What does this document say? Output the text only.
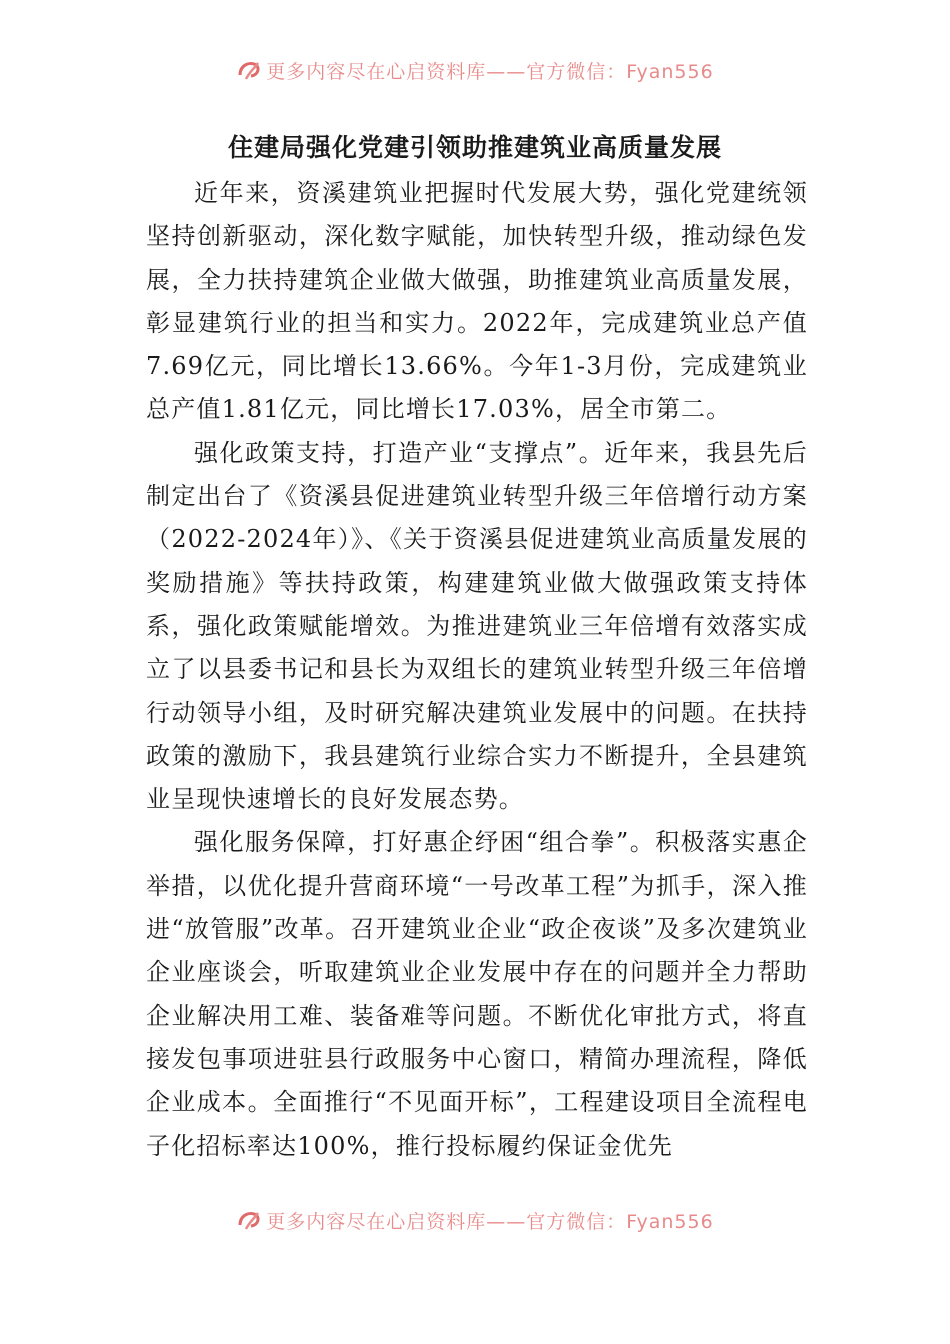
更多内容尽在心启资料库——官方微信：Fyan556
住建局强化党建引领助推建筑业高质量发展

近年来，资溪建筑业把握时代发展大势，强化党建统领坚持创新驱动，深化数字赋能，加快转型升级，推动绿色发展，全力扶持建筑企业做大做强，助推建筑业高质量发展，彰显建筑行业的担当和实力。2022年，完成建筑业总产值7.69亿元，同比增长13.66%。今年1-3月份，完成建筑业总产值1.81亿元，同比增长17.03%，居全市第二。

强化政策支持，打造产业“支撑点”。近年来，我县先后制定出台了《资溪县促进建筑业转型升级三年倍增行动方案（2022-2024年）》、《关于资溪县促进建筑业高质量发展的奖励措施》等扶持政策，构建建筑业做大做强政策支持体系，强化政策赋能增效。为推进建筑业三年倍增有效落实成立了以县委书记和县长为双组长的建筑业转型升级三年倍增行动领导小组，及时研究解决建筑业发展中的问题。在扶持政策的激励下，我县建筑行业综合实力不断提升，全县建筑业呈现快速增长的良好发展态势。

强化服务保障，打好惠企纾困“组合拳”。积极落实惠企举措，以优化提升营商环境“一号改革工程”为抓手，深入推进“放管服”改革。召开建筑业企业“政企夜谈”及多次建筑业企业座谈会，听取建筑业企业发展中存在的问题并全力帮助企业解决用工难、装备难等问题。不断优化审批方式，将直接发包事项进驻县行政服务中心窗口，精简办理流程，降低企业成本。全面推行“不见面开标”，工程建设项目全流程电子化招标率达100%，推行投标履约保证金优先

更多内容尽在心启资料库——官方微信：Fyan556
